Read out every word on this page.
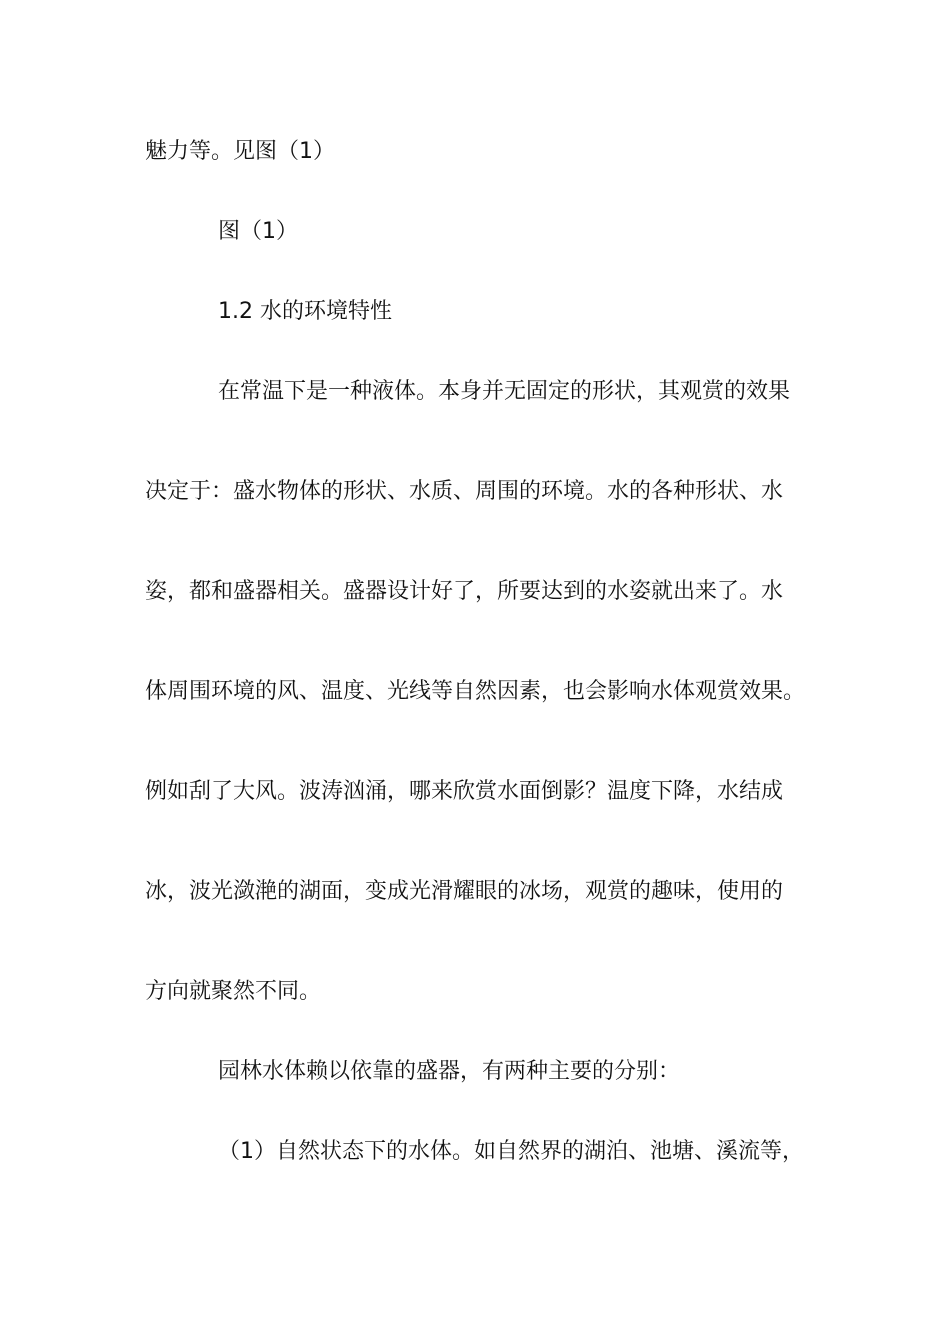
魅力等。见图（1）
图（1）
1.2 水的环境特性
在常温下是一种液体。本身并无固定的形状，其观赏的效果
决定于：盛水物体的形状、水质、周围的环境。水的各种形状、水
姿，都和盛器相关。盛器设计好了，所要达到的水姿就出来了。水
体周围环境的风、温度、光线等自然因素，也会影响水体观赏效果。
例如刮了大风。波涛汹涌，哪来欣赏水面倒影？温度下降，水结成
冰，波光潋滟的湖面，变成光滑耀眼的冰场，观赏的趣味，使用的
方向就聚然不同。
园林水体赖以依靠的盛器，有两种主要的分别：
（1）自然状态下的水体。如自然界的湖泊、池塘、溪流等，
